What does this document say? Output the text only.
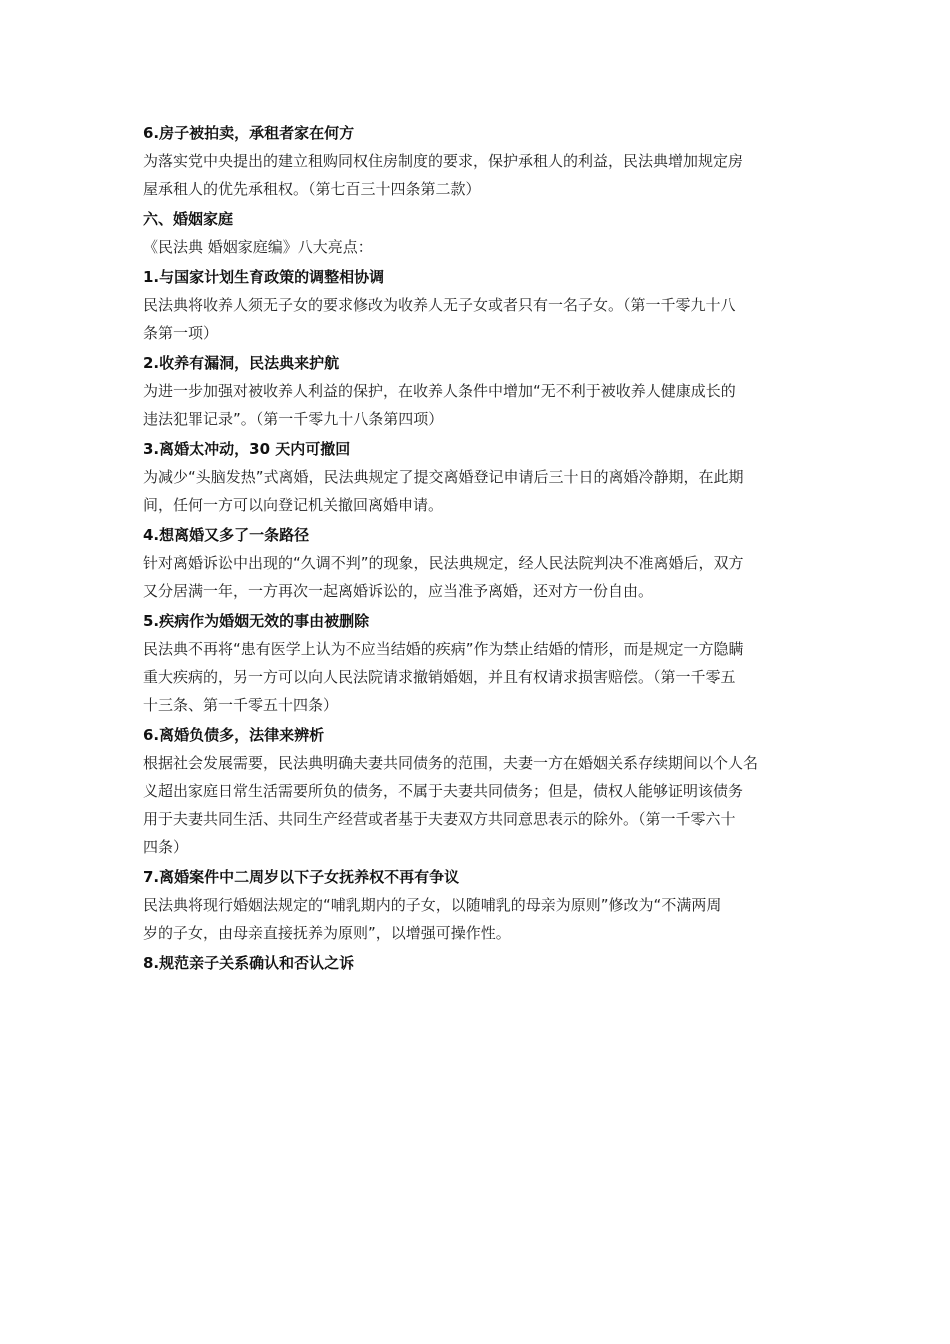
6.房子被拍卖，承租者家在何方
为落实党中央提出的建立租购同权住房制度的要求，保护承租人的利益，民法典增加规定房
屋承租人的优先承租权。（第七百三十四条第二款）
六、婚姻家庭
《民法典 婚姻家庭编》八大亮点：
1.与国家计划生育政策的调整相协调
民法典将收养人须无子女的要求修改为收养人无子女或者只有一名子女。（第一千零九十八
条第一项）
2.收养有漏洞，民法典来护航
为进一步加强对被收养人利益的保护，在收养人条件中增加“无不利于被收养人健康成长的
违法犯罪记录”。（第一千零九十八条第四项）
3.离婚太冲动，30 天内可撤回
为减少“头脑发热”式离婚，民法典规定了提交离婚登记申请后三十日的离婚冷静期，在此期
间，任何一方可以向登记机关撤回离婚申请。
4.想离婚又多了一条路径
针对离婚诉讼中出现的“久调不判”的现象，民法典规定，经人民法院判决不准离婚后，双方
又分居满一年，一方再次一起离婚诉讼的，应当准予离婚，还对方一份自由。
5.疾病作为婚姻无效的事由被删除
民法典不再将“患有医学上认为不应当结婚的疾病”作为禁止结婚的情形，而是规定一方隐瞒
重大疾病的，另一方可以向人民法院请求撤销婚姻，并且有权请求损害赔偿。（第一千零五
十三条、第一千零五十四条）
6.离婚负债多，法律来辨析
根据社会发展需要，民法典明确夫妻共同债务的范围，夫妻一方在婚姻关系存续期间以个人名
义超出家庭日常生活需要所负的债务，不属于夫妻共同债务；但是，债权人能够证明该债务
用于夫妻共同生活、共同生产经营或者基于夫妻双方共同意思表示的除外。（第一千零六十
四条）
7.离婚案件中二周岁以下子女抚养权不再有争议
民法典将现行婚姻法规定的“哺乳期内的子女，以随哺乳的母亲为原则”修改为“不满两周
岁的子女，由母亲直接抚养为原则”，以增强可操作性。
8.规范亲子关系确认和否认之诉
